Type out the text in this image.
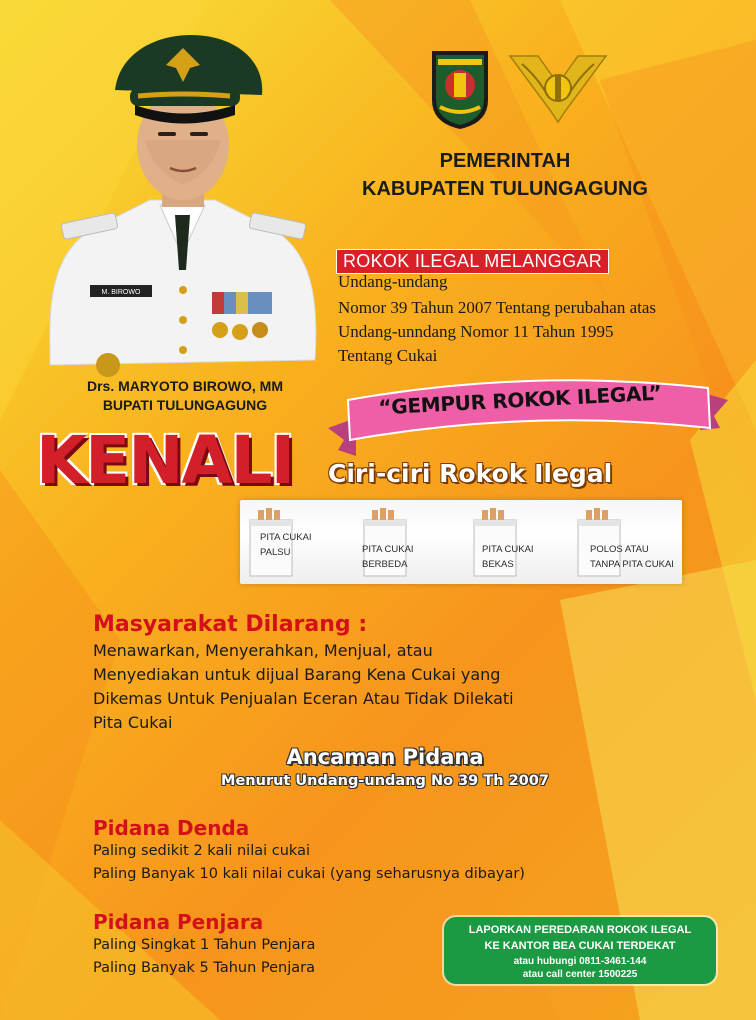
M. BIROWO
Drs. MARYOTO BIROWO, MM
BUPATI TULUNGAGUNG
PEMERINTAH
KABUPATEN TULUNGAGUNG
ROKOK ILEGAL MELANGGAR
Undang-undang
Nomor 39 Tahun 2007 Tentang perubahan atas
Undang-unndang Nomor 11 Tahun 1995
Tentang Cukai
“GEMPUR ROKOK ILEGAL”
KENALI Ciri-ciri Rokok Ilegal
PITA CUKAI
PALSU	PITA CUKAI
BERBEDA
PITA CUKAI
BEKAS
POLOS ATAU
TANPA PITA CUKAI
Masyarakat Dilarang :
Menawarkan, Menyerahkan, Menjual, atau
Menyediakan untuk dijual Barang Kena Cukai yang
Dikemas Untuk Penjualan Eceran Atau Tidak Dilekati
Pita Cukai
Ancaman Pidana
Menurut Undang-undang No 39 Th 2007
Pidana Denda
Paling sedikit 2 kali nilai cukai
Paling Banyak 10 kali nilai cukai (yang seharusnya dibayar)
Pidana Penjara
Paling Singkat 1 Tahun Penjara
Paling Banyak 5 Tahun Penjara
LAPORKAN PEREDARAN ROKOK ILEGAL
KE KANTOR BEA CUKAI TERDEKAT
atau hubungi 0811-3461-144
atau call center 1500225
